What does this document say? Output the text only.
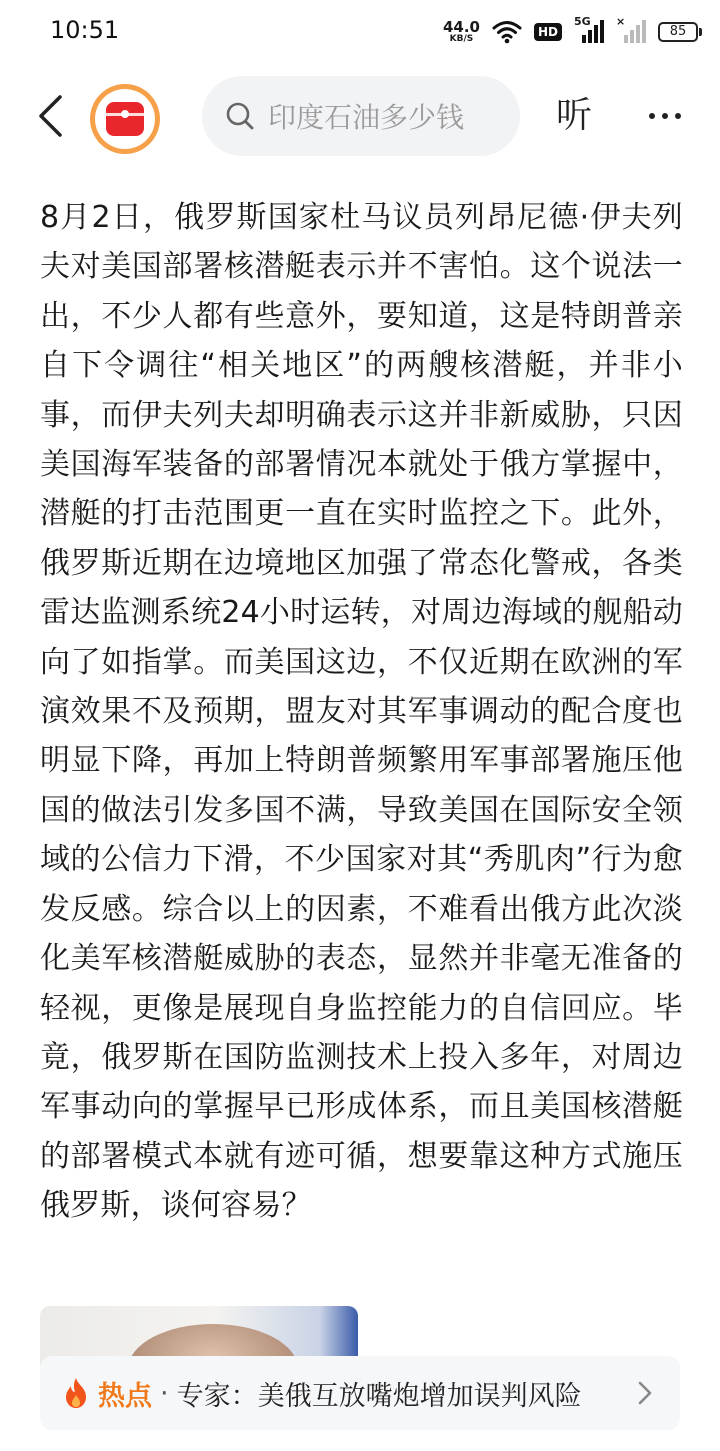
10:51	44.0
KB/S	HD
5G ×
85
印度石油多少钱	听
8月2日，俄罗斯国家杜马议员列昂尼德·伊夫列夫对美国部署核潜艇表示并不害怕。这个说法一出，不少人都有些意外，要知道，这是特朗普亲自下令调往“相关地区”的两艘核潜艇，并非小事，而伊夫列夫却明确表示这并非新威胁，只因美国海军装备的部署情况本就处于俄方掌握中，潜艇的打击范围更一直在实时监控之下。此外，俄罗斯近期在边境地区加强了常态化警戒，各类雷达监测系统24小时运转，对周边海域的舰船动向了如指掌。而美国这边，不仅近期在欧洲的军演效果不及预期，盟友对其军事调动的配合度也明显下降，再加上特朗普频繁用军事部署施压他国的做法引发多国不满，导致美国在国际安全领域的公信力下滑，不少国家对其“秀肌肉”行为愈发反感。综合以上的因素，不难看出俄方此次淡化美军核潜艇威胁的表态，显然并非毫无准备的轻视，更像是展现自身监控能力的自信回应。毕竟，俄罗斯在国防监测技术上投入多年，对周边军事动向的掌握早已形成体系，而且美国核潜艇的部署模式本就有迹可循，想要靠这种方式施压俄罗斯，谈何容易？
热点 · 专家：美俄互放嘴炮增加误判风险
